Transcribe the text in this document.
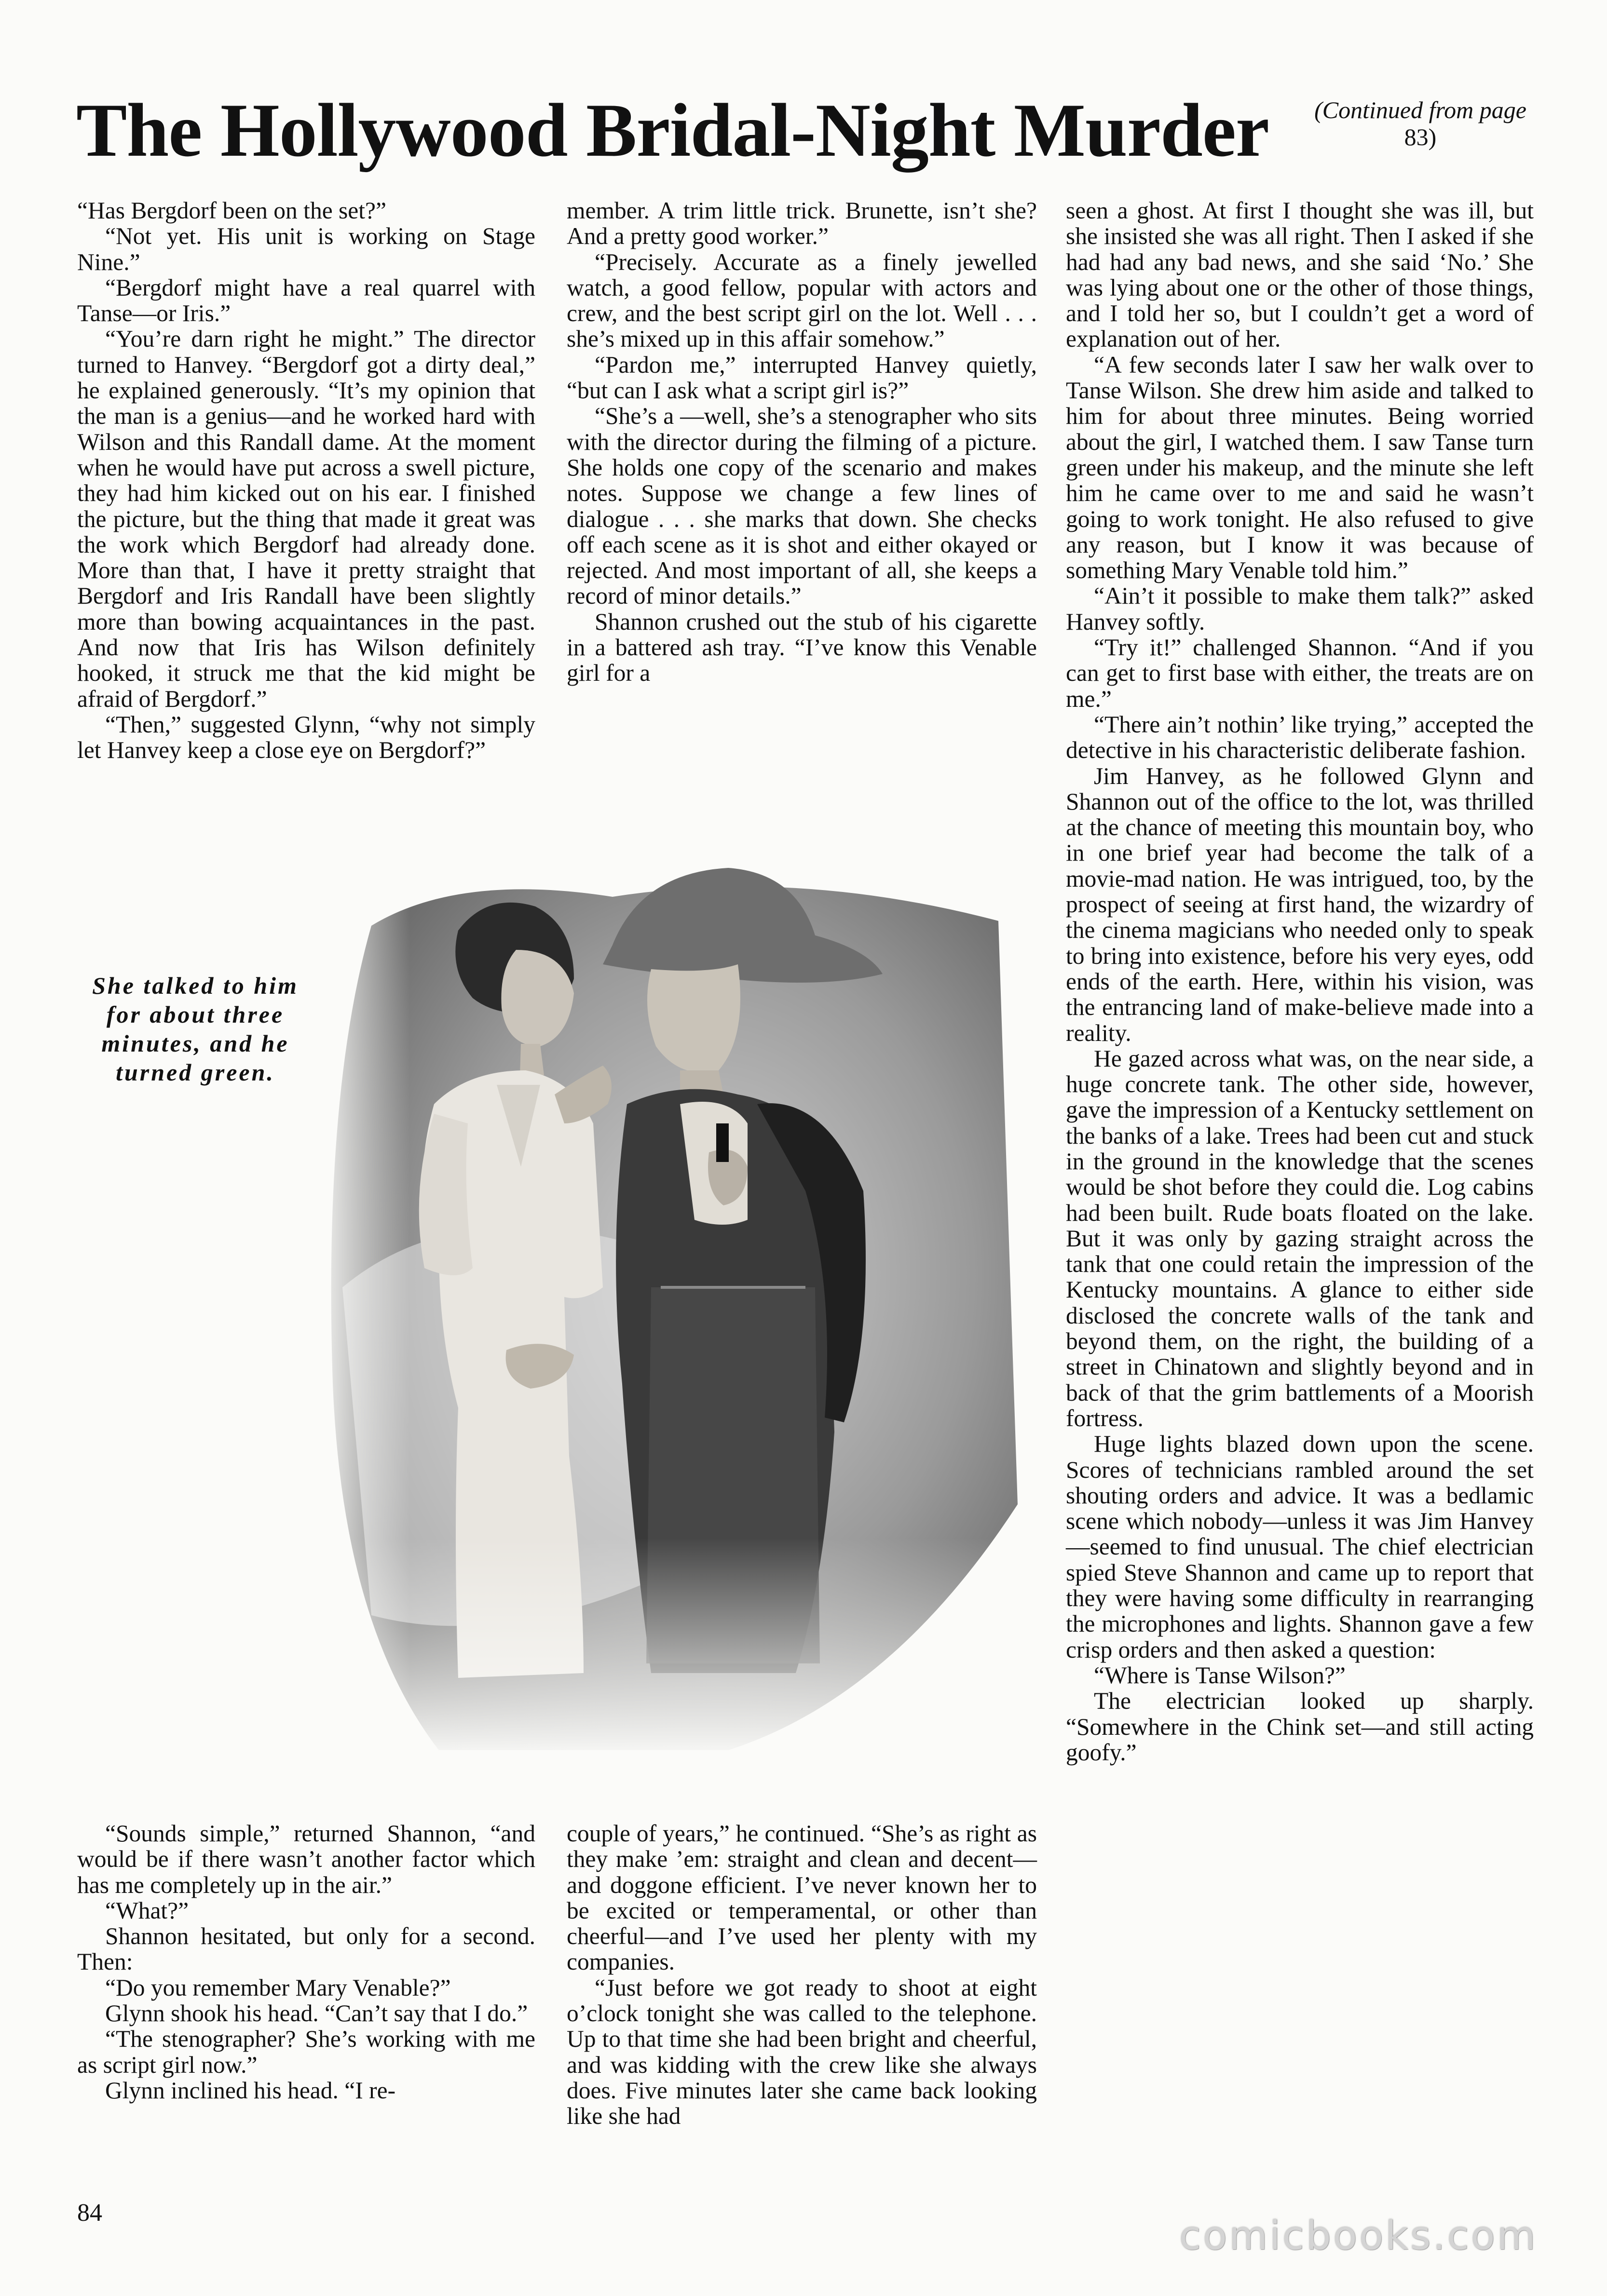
The Hollywood Bridal-Night Murder	(Continued from page 83)

“Has Bergdorf been on the set?”

“Not yet. His unit is working on Stage Nine.”

“Bergdorf might have a real quarrel with Tanse—or Iris.”

“You’re darn right he might.” The director turned to Hanvey. “Bergdorf got a dirty deal,” he explained generously. “It’s my opinion that the man is a genius—and he worked hard with Wilson and this Randall dame. At the moment when he would have put across a swell picture, they had him kicked out on his ear. I finished the picture, but the thing that made it great was the work which Bergdorf had already done. More than that, I have it pretty straight that Bergdorf and Iris Randall have been slightly more than bowing acquaintances in the past. And now that Iris has Wilson definitely hooked, it struck me that the kid might be afraid of Bergdorf.”

“Then,” suggested Glynn, “why not simply let Hanvey keep a close eye on Bergdorf?”

member. A trim little trick. Brunette, isn’t she? And a pretty good worker.”

“Precisely. Accurate as a finely jewelled watch, a good fellow, popular with actors and crew, and the best script girl on the lot. Well . . . she’s mixed up in this affair somehow.”

“Pardon me,” interrupted Hanvey quietly, “but can I ask what a script girl is?”

“She’s a —well, she’s a stenographer who sits with the director during the filming of a picture. She holds one copy of the scenario and makes notes. Suppose we change a few lines of dialogue . . . she marks that down. She checks off each scene as it is shot and either okayed or rejected. And most important of all, she keeps a record of minor details.”

Shannon crushed out the stub of his cigarette in a battered ash tray. “I’ve know this Venable girl for a

seen a ghost. At first I thought she was ill, but she insisted she was all right. Then I asked if she had had any bad news, and she said ‘No.’ She was lying about one or the other of those things, and I told her so, but I couldn’t get a word of explanation out of her.

“A few seconds later I saw her walk over to Tanse Wilson. She drew him aside and talked to him for about three minutes. Being worried about the girl, I watched them. I saw Tanse turn green under his makeup, and the minute she left him he came over to me and said he wasn’t going to work tonight. He also refused to give any reason, but I know it was because of something Mary Venable told him.”

“Ain’t it possible to make them talk?” asked Hanvey softly.

“Try it!” challenged Shannon. “And if you can get to first base with either, the treats are on me.”

“There ain’t nothin’ like trying,” accepted the detective in his characteristic deliberate fashion.

Jim Hanvey, as he followed Glynn and Shannon out of the office to the lot, was thrilled at the chance of meeting this mountain boy, who in one brief year had become the talk of a movie-mad nation. He was intrigued, too, by the prospect of seeing at first hand, the wizardry of the cinema magicians who needed only to speak to bring into existence, before his very eyes, odd ends of the earth. Here, within his vision, was the entrancing land of make-believe made into a reality.

He gazed across what was, on the near side, a huge concrete tank. The other side, however, gave the impression of a Kentucky settlement on the banks of a lake. Trees had been cut and stuck in the ground in the knowledge that the scenes would be shot before they could die. Log cabins had been built. Rude boats floated on the lake. But it was only by gazing straight across the tank that one could retain the impression of the Kentucky mountains. A glance to either side disclosed the concrete walls of the tank and beyond them, on the right, the building of a street in Chinatown and slightly beyond and in back of that the grim battlements of a Moorish fortress.

Huge lights blazed down upon the scene. Scores of technicians rambled around the set shouting orders and advice. It was a bedlamic scene which nobody—unless it was Jim Hanvey—seemed to find unusual. The chief electrician spied Steve Shannon and came up to report that they were having some difficulty in rearranging the microphones and lights. Shannon gave a few crisp orders and then asked a question:

“Where is Tanse Wilson?”

The electrician looked up sharply. “Somewhere in the Chink set—and still acting goofy.”

She talked to him for about three minutes, and he turned green.

“Sounds simple,” returned Shannon, “and would be if there wasn’t another factor which has me completely up in the air.”

“What?”

Shannon hesitated, but only for a second. Then:

“Do you remember Mary Venable?”

Glynn shook his head. “Can’t say that I do.”

“The stenographer? She’s working with me as script girl now.”

Glynn inclined his head. “I re-

couple of years,” he continued. “She’s as right as they make ’em: straight and clean and decent—and doggone efficient. I’ve never known her to be excited or temperamental, or other than cheerful—and I’ve used her plenty with my companies.

“Just before we got ready to shoot at eight o’clock tonight she was called to the telephone. Up to that time she had been bright and cheerful, and was kidding with the crew like she always does. Five minutes later she came back looking like she had

84
comicbooks.com
